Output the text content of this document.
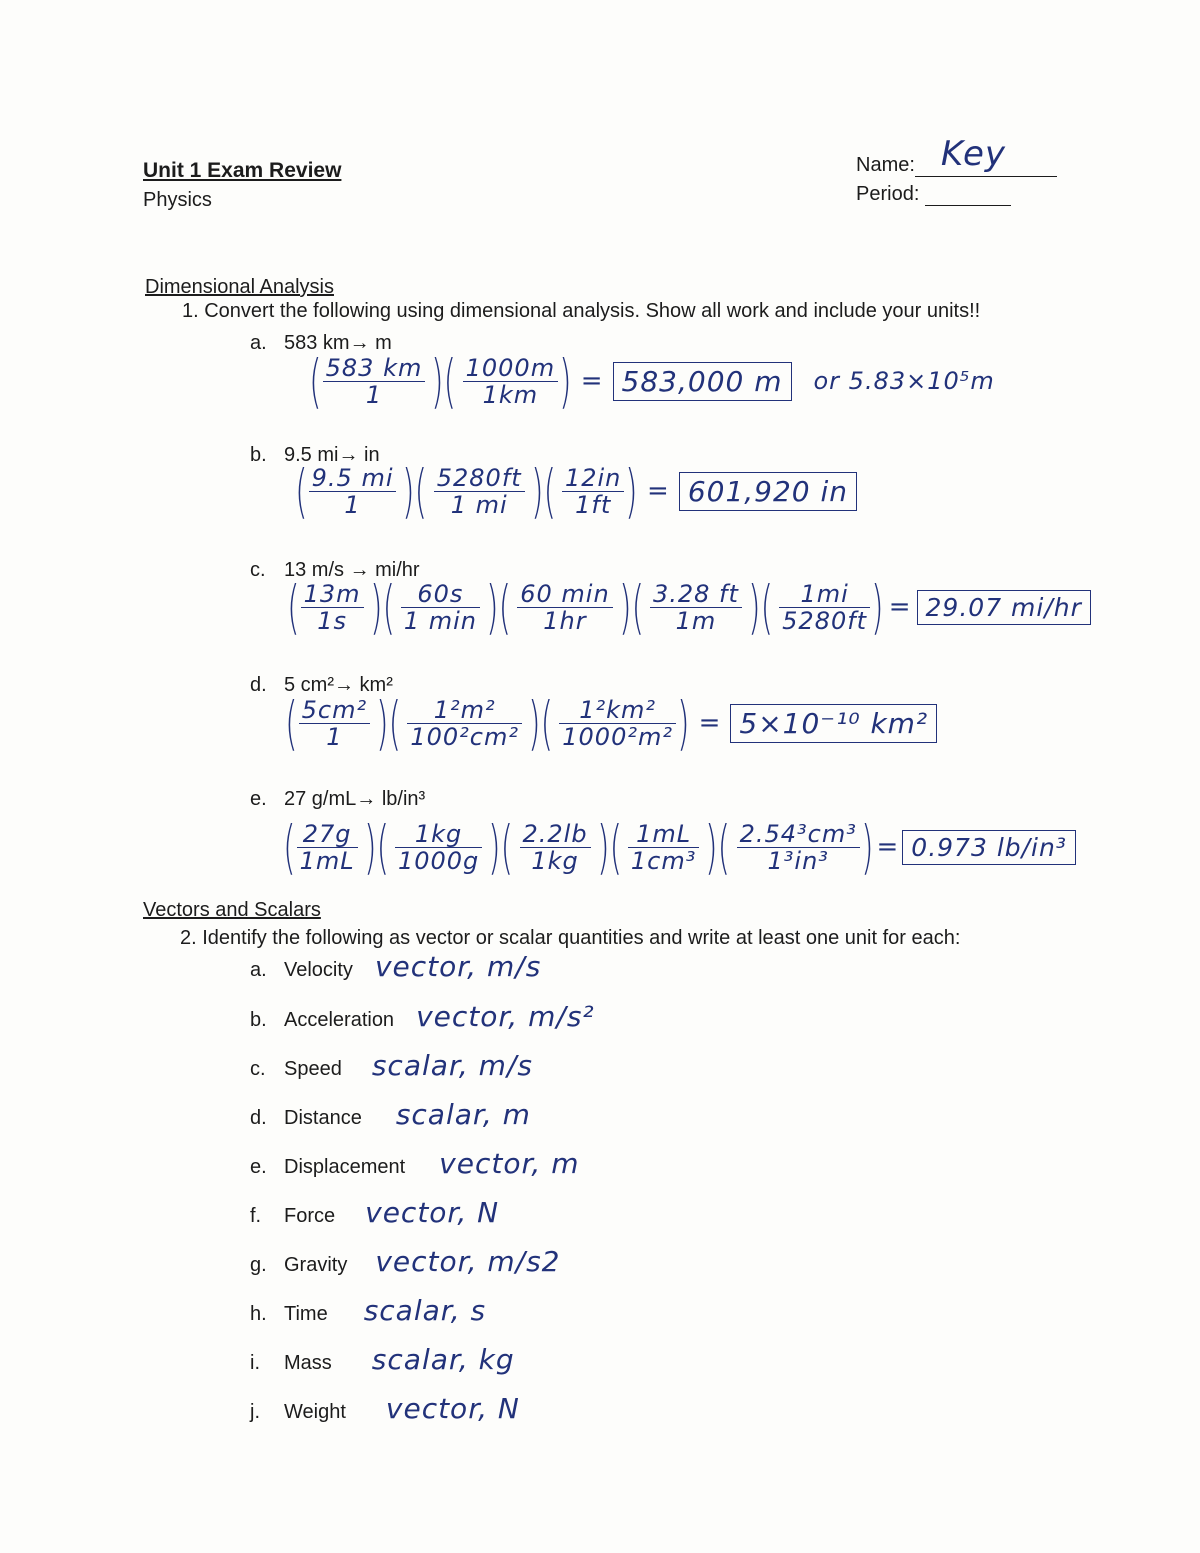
Unit 1 Exam Review
Physics
Name: Key
Period:
Dimensional Analysis
1. Convert the following using dimensional analysis. Show all work and include your units!!
a. 583 km→ m
( $\frac{583 km}{1}$ )( $\frac{1000m}{1km}$ ) = 583,000 m	or 5.83×10⁵m
b. 9.5 mi→ in
( $\frac{9.5 mi}{1}$ )( $\frac{5280ft}{1 mi}$ )( $\frac{12in}{1ft}$ ) = 601,920 in
c. 13 m/s → mi/hr
( $\frac{13m}{1s}$ )( $\frac{60s}{1 \min}$ )( $\frac{60 \min}{1hr}$ )( $\frac{3.28 ft}{1m}$ )( $\frac{1mi}{5280ft}$ ) = 29.07 mi/hr
d. 5 cm²→ km²
( $\frac{\text{5cm²}}{1}$ )( $\frac{\text{1²m²}}{\text{100²cm²}}$ )( $\frac{\text{1²km²}}{\text{1000²m²}}$ ) = 5×10⁻¹⁰ km²
e. 27 g/mL→ lb/in³
( $\frac{27g}{1mL}$ )( $\frac{1kg}{1000g}$ )( $\frac{2.2lb}{1kg}$ )( $\frac{1mL}{\text{1cm³}}$ )( $\frac{\text{2.54³cm³}}{\text{1³in³}}$ ) = 0.973 lb/in³
Vectors and Scalars
2. Identify the following as vector or scalar quantities and write at least one unit for each:
a. Velocity vector, m/s
b. Acceleration vector, m/s²
c. Speed scalar, m/s
d. Distance scalar, m
e. Displacement vector, m
f. Force vector, N
g. Gravity vector, m/s2
h. Time scalar, s
i. Mass scalar, kg
j. Weight vector, N
